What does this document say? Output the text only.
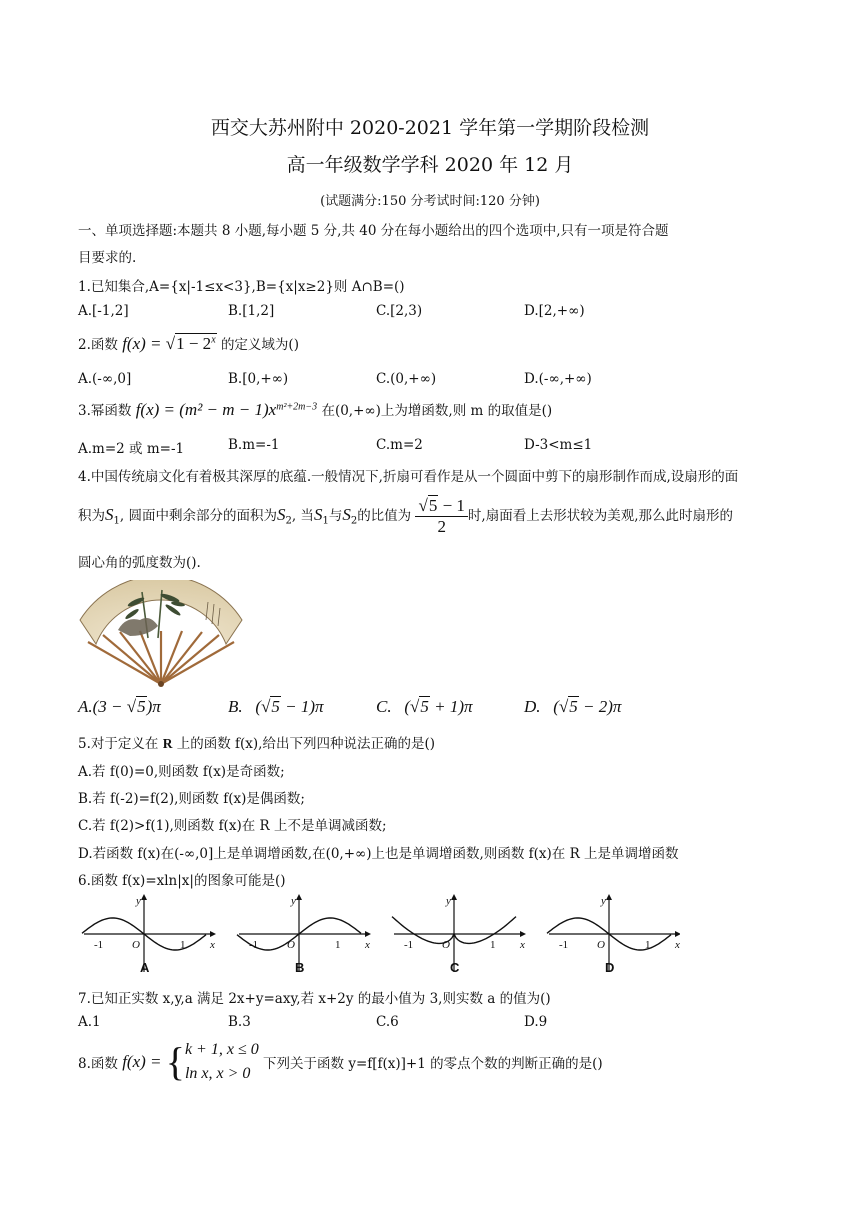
西交大苏州附中 2020-2021 学年第一学期阶段检测
高一年级数学学科 2020 年 12 月
(试题满分:150 分考试时间:120 分钟)
一、单项选择题:本题共 8 小题,每小题 5 分,共 40 分在每小题给出的四个选项中,只有一项是符合题
目要求的.
1.已知集合,A={x|-1≤x<3},B={x|x≥2}则 A∩B=()
A.[-1,2]	B.[1,2]	C.[2,3)	D.[2,+∞)
2.函数 $f(x) = √1 - 2^x$ 的定义域为()
A.(-∞,0]	B.[0,+∞)	C.(0,+∞)	D.(-∞,+∞)
3.幂函数 $f(x) = (m^2 - m - 1)x^{m^2+2m-3}$ 在(0,+∞)上为增函数,则 m 的取值是()
A.m=2 或 m=-1	B.m=-1	C.m=2	D-3<m≤1
4.中国传统扇文化有着极其深厚的底蕴.一般情况下,折扇可看作是从一个圆面中剪下的扇形制作而成,设扇形的面
积为$S_1$, 圆面中剩余部分的面积为$S_2$, 当$S_1$与$S_2$的比值为 $\frac{√5 - 1}{2}$ 时,扇面看上去形状较为美观,那么此时扇形的
圆心角的弧度数为().
A.(3 − √5)π	B. (√5 − 1)π	C. (√5 + 1)π	D. (√5 − 2)π
5.对于定义在 R 上的函数 f(x),给出下列四种说法正确的是()
A.若 f(0)=0,则函数 f(x)是奇函数;
B.若 f(-2)=f(2),则函数 f(x)是偶函数;
C.若 f(2)>f(1),则函数 f(x)在 R 上不是单调减函数;
D.若函数 f(x)在(-∞,0]上是单调增函数,在(0,+∞)上也是单调增函数,则函数 f(x)在 R 上是单调增函数
6.函数 f(x)=xln|x|的图象可能是()
y
x
-1	O	1
A
y
x
-1	O	1
B
y
x
-1	O	1
C
y
x
-1	O	1
D
7.已知正实数 x,y,a 满足 2x+y=axy,若 x+2y 的最小值为 3,则实数 a 的值为()
A.1	B.3	C.6	D.9
8.函数 f(x) = { k + 1, x ≤ 0
ln x, x > 0
下列关于函数 y=f[f(x)]+1 的零点个数的判断正确的是()
